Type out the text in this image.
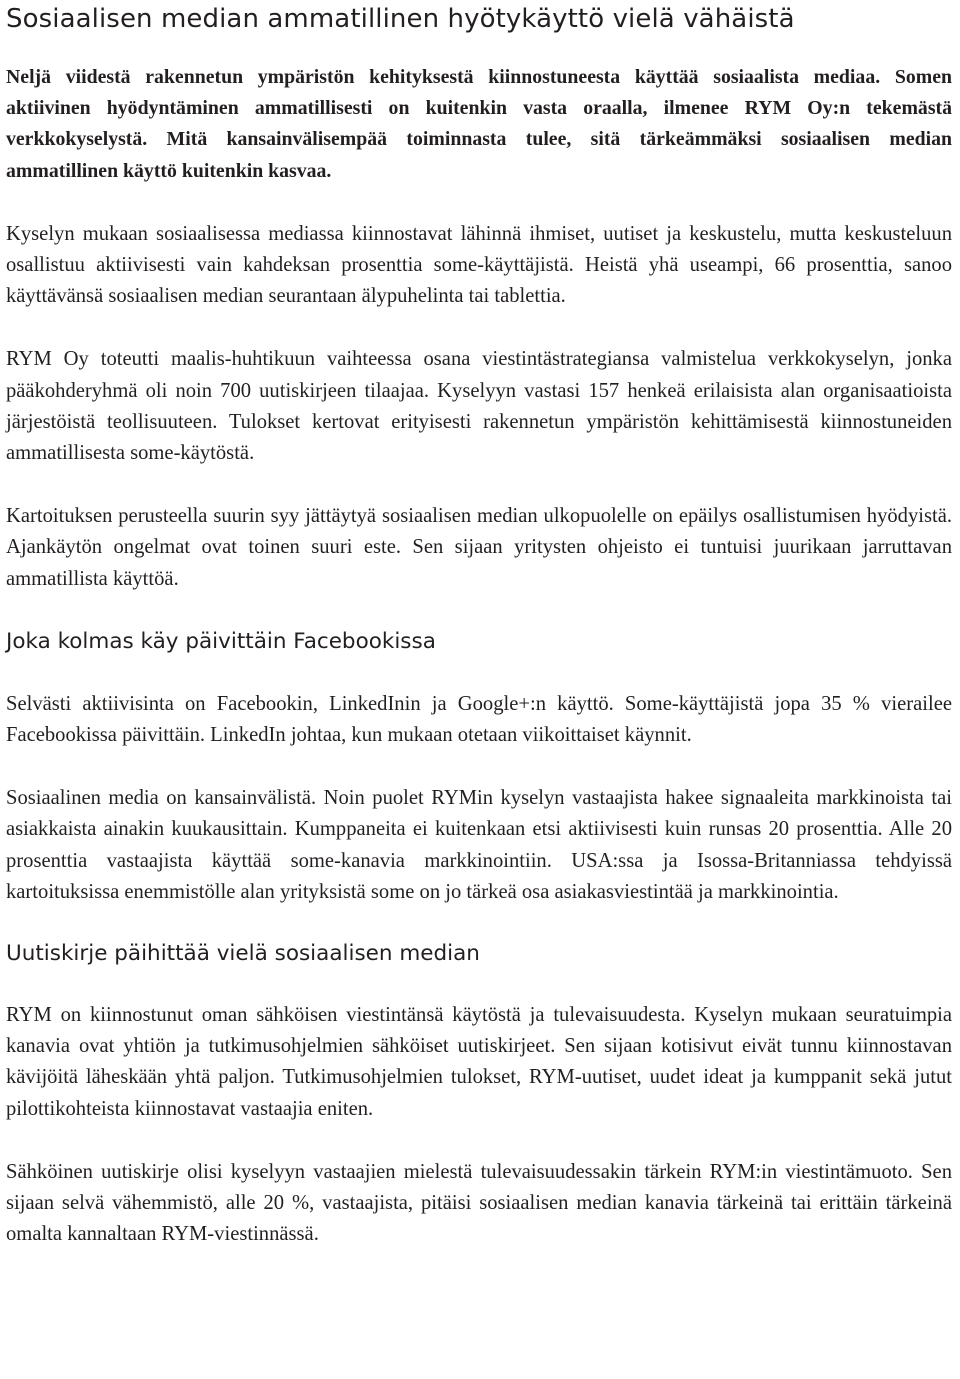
Sosiaalisen median ammatillinen hyötykäyttö vielä vähäistä

Neljä viidestä rakennetun ympäristön kehityksestä kiinnostuneesta käyttää sosiaalista mediaa. Somen aktiivinen hyödyntäminen ammatillisesti on kuitenkin vasta oraalla, ilmenee RYM Oy:n tekemästä verkkokyselystä. Mitä kansainvälisempää toiminnasta tulee, sitä tärkeämmäksi sosiaalisen median ammatillinen käyttö kuitenkin kasvaa.

Kyselyn mukaan sosiaalisessa mediassa kiinnostavat lähinnä ihmiset, uutiset ja keskustelu, mutta keskusteluun osallistuu aktiivisesti vain kahdeksan prosenttia some-käyttäjistä. Heistä yhä useampi, 66 prosenttia, sanoo käyttävänsä sosiaalisen median seurantaan älypuhelinta tai tablettia.

RYM Oy toteutti maalis-huhtikuun vaihteessa osana viestintästrategiansa valmistelua verkkokyselyn, jonka pääkohderyhmä oli noin 700 uutiskirjeen tilaajaa. Kyselyyn vastasi 157 henkeä erilaisista alan organisaatioista järjestöistä teollisuuteen. Tulokset kertovat erityisesti rakennetun ympäristön kehittämisestä kiinnostuneiden ammatillisesta some-käytöstä.

Kartoituksen perusteella suurin syy jättäytyä sosiaalisen median ulkopuolelle on epäilys osallistumisen hyödyistä. Ajankäytön ongelmat ovat toinen suuri este. Sen sijaan yritysten ohjeisto ei tuntuisi juurikaan jarruttavan ammatillista käyttöä.

Joka kolmas käy päivittäin Facebookissa

Selvästi aktiivisinta on Facebookin, LinkedInin ja Google+:n käyttö. Some-käyttäjistä jopa 35 % vierailee Facebookissa päivittäin. LinkedIn johtaa, kun mukaan otetaan viikoittaiset käynnit.

Sosiaalinen media on kansainvälistä. Noin puolet RYMin kyselyn vastaajista hakee signaaleita markkinoista tai asiakkaista ainakin kuukausittain. Kumppaneita ei kuitenkaan etsi aktiivisesti kuin runsas 20 prosenttia. Alle 20 prosenttia vastaajista käyttää some-kanavia markkinointiin. USA:ssa ja Isossa-Britanniassa tehdyissä kartoituksissa enemmistölle alan yrityksistä some on jo tärkeä osa asiakasviestintää ja markkinointia.

Uutiskirje päihittää vielä sosiaalisen median

RYM on kiinnostunut oman sähköisen viestintänsä käytöstä ja tulevaisuudesta. Kyselyn mukaan seuratuimpia kanavia ovat yhtiön ja tutkimusohjelmien sähköiset uutiskirjeet. Sen sijaan kotisivut eivät tunnu kiinnostavan kävijöitä läheskään yhtä paljon. Tutkimusohjelmien tulokset, RYM-uutiset, uudet ideat ja kumppanit sekä jutut pilottikohteista kiinnostavat vastaajia eniten.

Sähköinen uutiskirje olisi kyselyyn vastaajien mielestä tulevaisuudessakin tärkein RYM:in viestintämuoto. Sen sijaan selvä vähemmistö, alle 20 %, vastaajista, pitäisi sosiaalisen median kanavia tärkeinä tai erittäin tärkeinä omalta kannaltaan RYM-viestinnässä.
